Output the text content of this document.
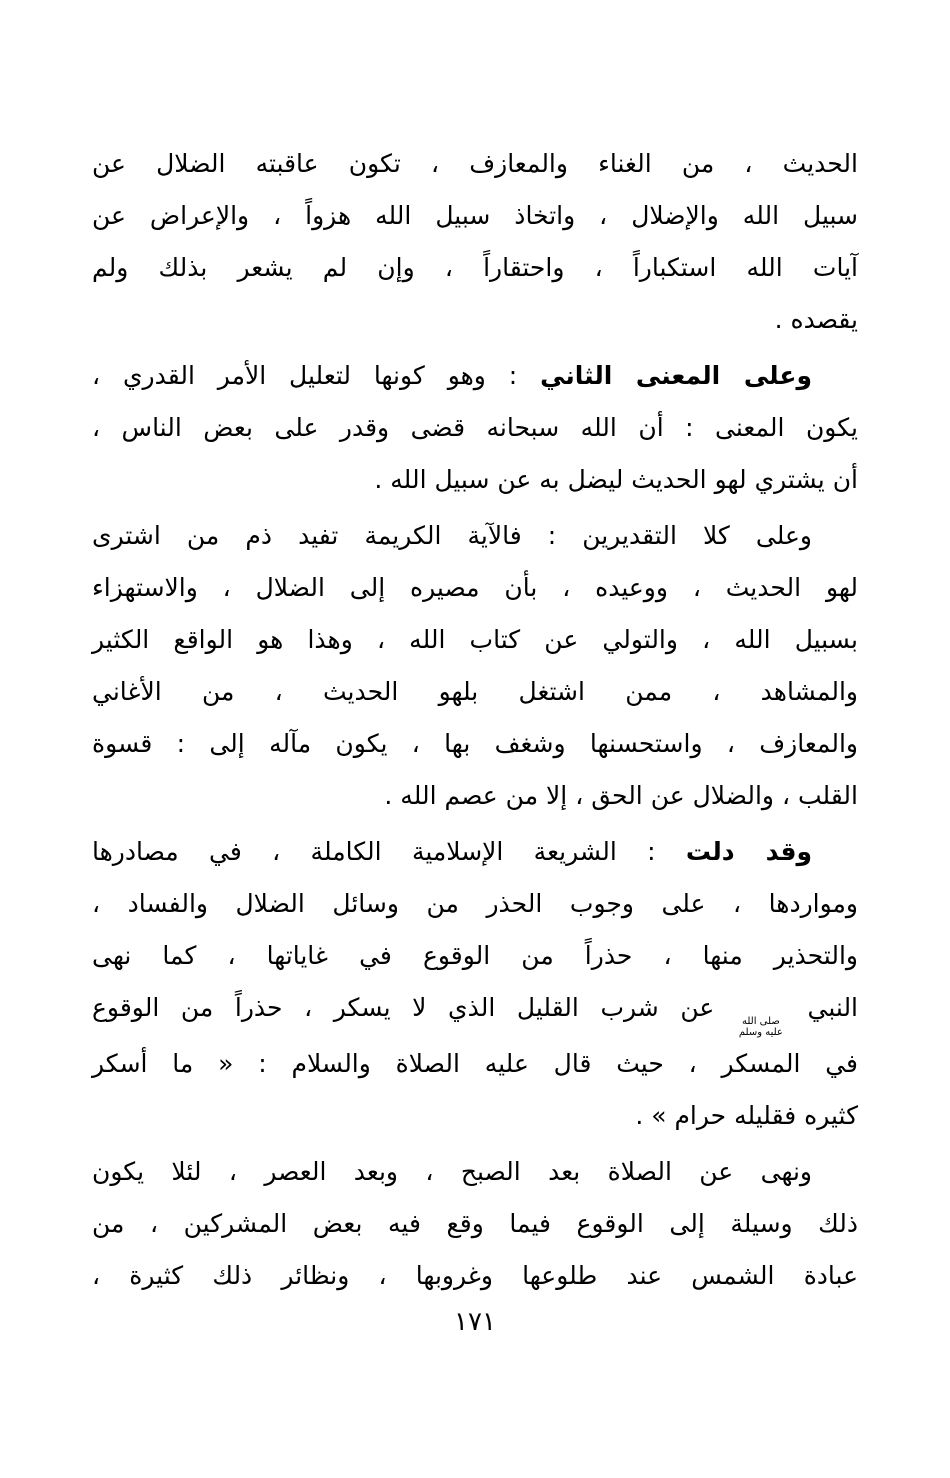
الحديث ، من الغناء والمعازف ، تكون عاقبته الضلال عن
سبيل الله والإضلال ، واتخاذ سبيل الله هزواً ، والإعراض عن
آيات الله استكباراً ، واحتقاراً ، وإن لم يشعر بذلك ولم
يقصده .
وعلى المعنى الثاني : وهو كونها لتعليل الأمر القدري ،
يكون المعنى : أن الله سبحانه قضى وقدر على بعض الناس ،
أن يشتري لهو الحديث ليضل به عن سبيل الله .
وعلى كلا التقديرين : فالآية الكريمة تفيد ذم من اشترى
لهو الحديث ، ووعيده ، بأن مصيره إلى الضلال ، والاستهزاء
بسبيل الله ، والتولي عن كتاب الله ، وهذا هو الواقع الكثير
والمشاهد ، ممن اشتغل بلهو الحديث ، من الأغاني
والمعازف ، واستحسنها وشغف بها ، يكون مآله إلى : قسوة
القلب ، والضلال عن الحق ، إلا من عصم الله .
وقد دلت : الشريعة الإسلامية الكاملة ، في مصادرها
ومواردها ، على وجوب الحذر من وسائل الضلال والفساد ،
والتحذير منها ، حذراً من الوقوع في غاياتها ، كما نهى
النبي
صلى الله
عليه وسلم
عن شرب القليل الذي لا يسكر ، حذراً من الوقوع
في المسكر ، حيث قال عليه الصلاة والسلام : « ما أسكر
كثيره فقليله حرام » .
ونهى عن الصلاة بعد الصبح ، وبعد العصر ، لئلا يكون
ذلك وسيلة إلى الوقوع فيما وقع فيه بعض المشركين ، من
عبادة الشمس عند طلوعها وغروبها ، ونظائر ذلك كثيرة ،
١٧١
